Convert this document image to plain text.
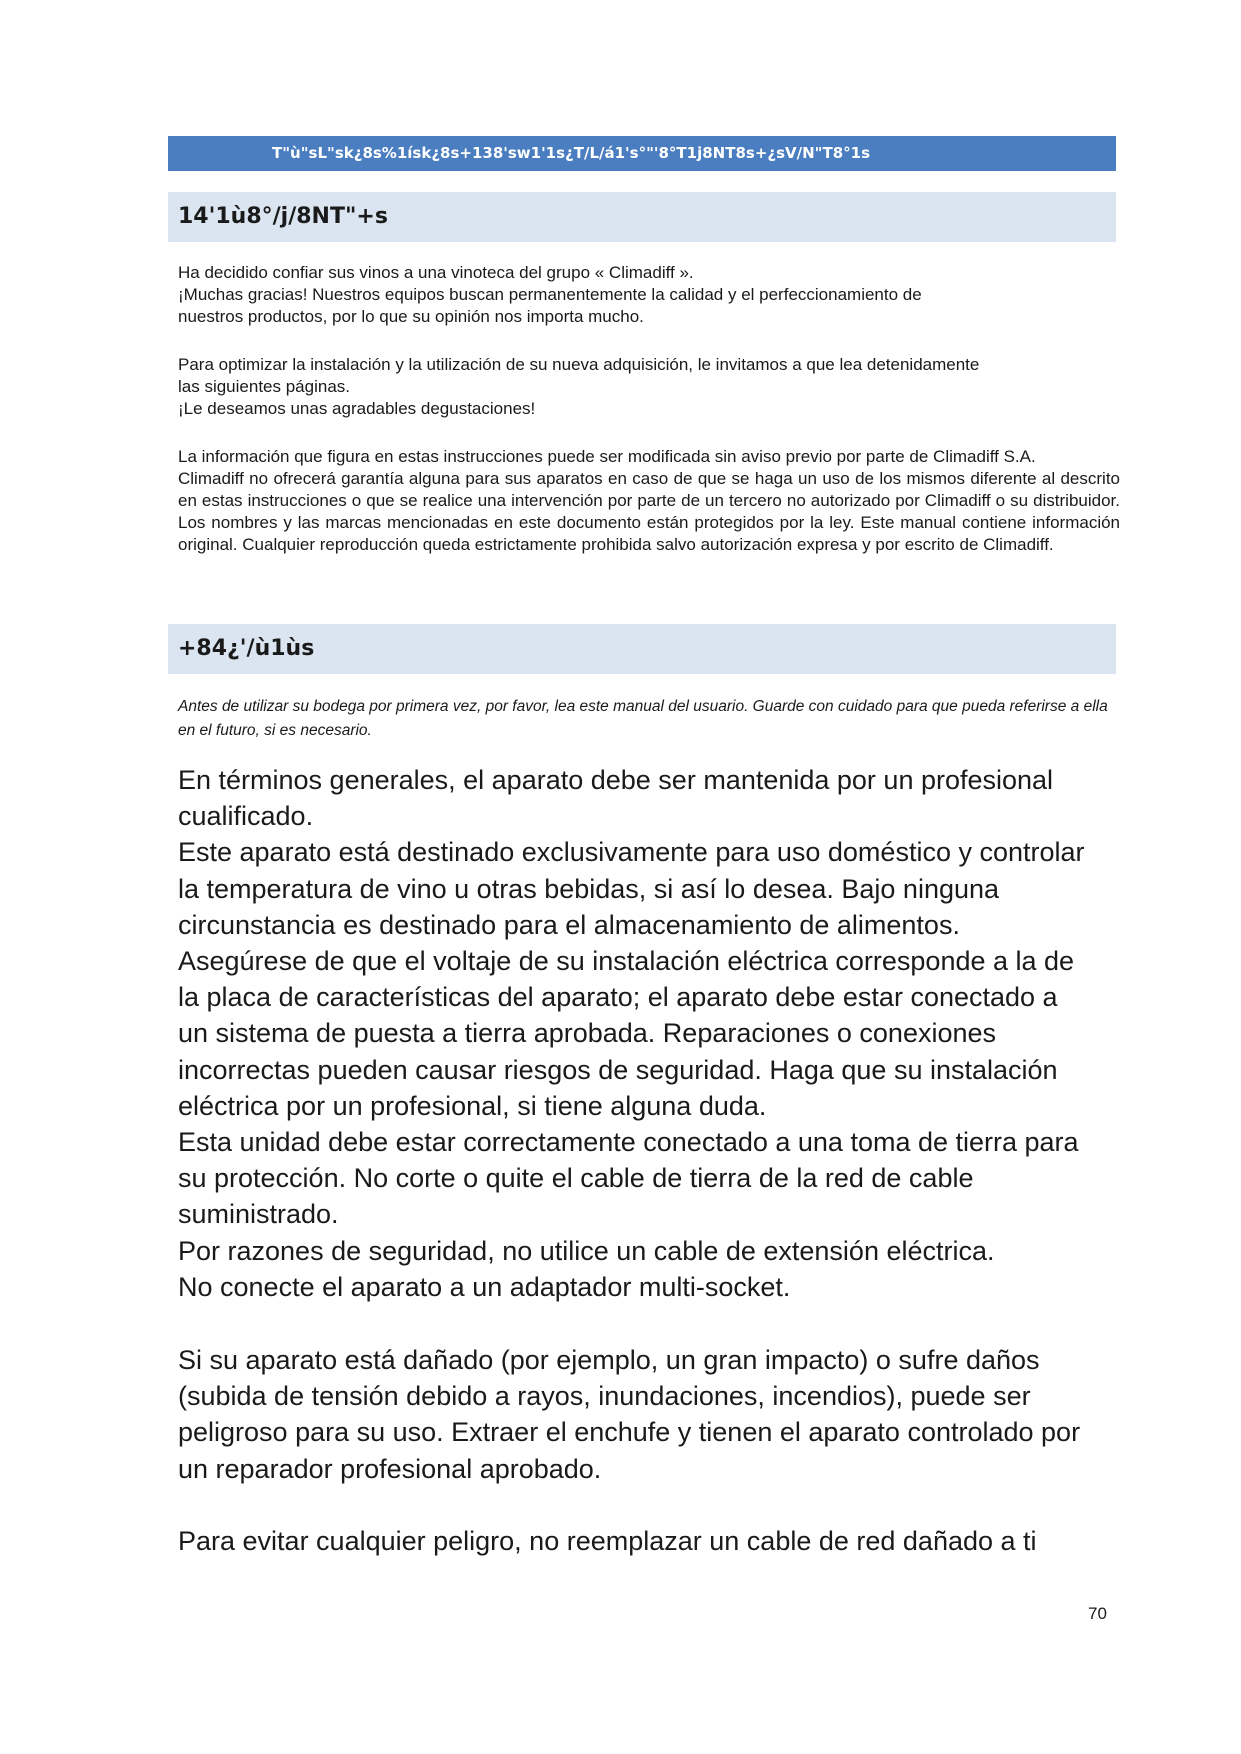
T"ù"sL"sk¿8s%1ísk¿8s+138'sw1'1s¿T/L/á1's°"'8°T1j8NT8s+¿sV/N"T8°1s
14'1ù8°/j/8NT"+s

Ha decidido confiar sus vinos a una vinoteca del grupo « Climadiff ».

¡Muchas gracias! Nuestros equipos buscan permanentemente la calidad y el perfeccionamiento de

nuestros productos, por lo que su opinión nos importa mucho.

Para optimizar la instalación y la utilización de su nueva adquisición, le invitamos a que lea detenidamente

las siguientes páginas.

¡Le deseamos unas agradables degustaciones!

La información que figura en estas instrucciones puede ser modificada sin aviso previo por parte de Climadiff S.A.

Climadiff no ofrecerá garantía alguna para sus aparatos en caso de que se haga un uso de los mismos diferente al descrito en estas instrucciones o que se realice una intervención por parte de un tercero no autorizado por Climadiff o su distribuidor. Los nombres y las marcas mencionadas en este documento están protegidos por la ley. Este manual contiene información original. Cualquier reproducción queda estrictamente prohibida salvo autorización expresa y por escrito de Climadiff.

+84¿'/ù1ùs

Antes de utilizar su bodega por primera vez, por favor, lea este manual del usuario. Guarde con cuidado para que pueda referirse a ella en el futuro, si es necesario.

En términos generales, el aparato debe ser mantenida por un profesional

cualificado.

Este aparato está destinado exclusivamente para uso doméstico y controlar

la temperatura de vino u otras bebidas, si así lo desea. Bajo ninguna

circunstancia es destinado para el almacenamiento de alimentos.

Asegúrese de que el voltaje de su instalación eléctrica corresponde a la de

la placa de características del aparato; el aparato debe estar conectado a

un sistema de puesta a tierra aprobada. Reparaciones o conexiones

incorrectas pueden causar riesgos de seguridad. Haga que su instalación

eléctrica por un profesional, si tiene alguna duda.

Esta unidad debe estar correctamente conectado a una toma de tierra para

su protección. No corte o quite el cable de tierra de la red de cable

suministrado.

Por razones de seguridad, no utilice un cable de extensión eléctrica.

No conecte el aparato a un adaptador multi-socket.

Si su aparato está dañado (por ejemplo, un gran impacto) o sufre daños

(subida de tensión debido a rayos, inundaciones, incendios), puede ser

peligroso para su uso. Extraer el enchufe y tienen el aparato controlado por

un reparador profesional aprobado.

Para evitar cualquier peligro, no reemplazar un cable de red dañado a ti

70
